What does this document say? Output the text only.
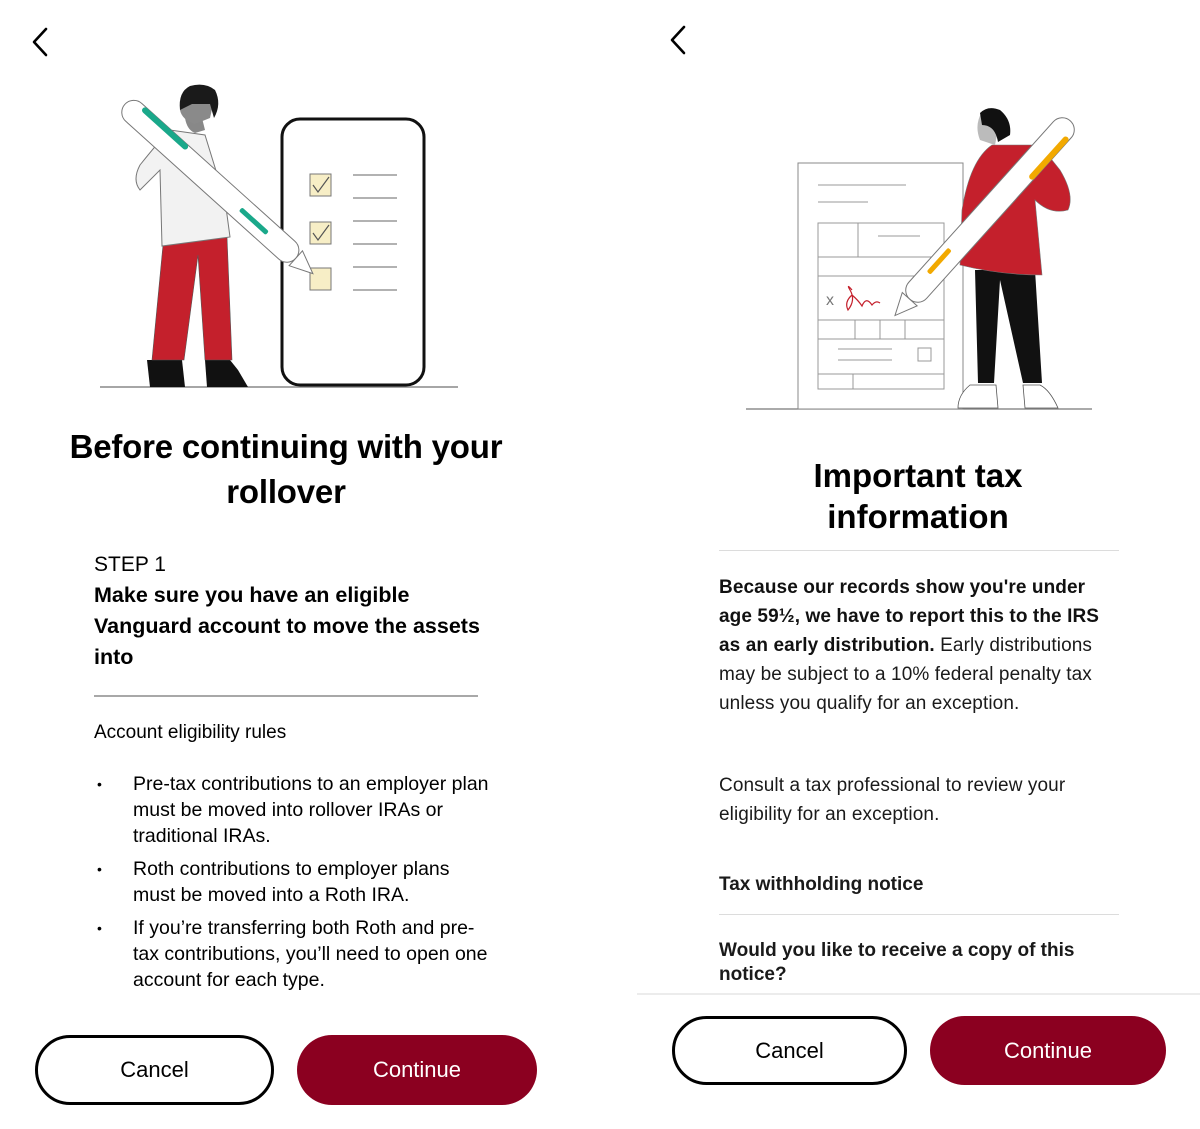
Before continuing with your rollover
STEP 1
Make sure you have an eligible Vanguard account to move the assets into
Account eligibility rules
• Pre-tax contributions to an employer plan must be moved into rollover IRAs or traditional IRAs.
• Roth contributions to employer plans must be moved into a Roth IRA.
• If you’re transferring both Roth and pre-tax contributions, you’ll need to open one account for each type.
Cancel	Continue
x
Important tax information

Because our records show you're under age 59½, we have to report this to the IRS as an early distribution. Early distributions may be subject to a 10% federal penalty tax unless you qualify for an exception.

Consult a tax professional to review your eligibility for an exception.

Tax withholding notice
Would you like to receive a copy of this notice?
Cancel	Continue
